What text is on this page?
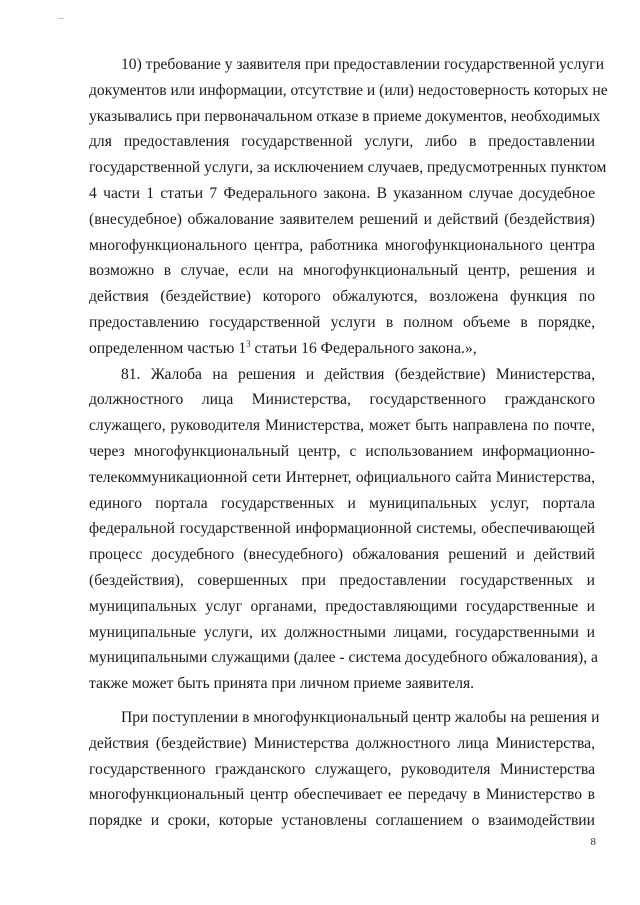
10) требование у заявителя при предоставлении государственной услуги
документов или информации, отсутствие и (или) недостоверность которых не
указывались при первоначальном отказе в приеме документов, необходимых
для предоставления государственной услуги, либо в предоставлении
государственной услуги, за исключением случаев, предусмотренных пунктом
4 части 1 статьи 7 Федерального закона. В указанном случае досудебное
(внесудебное) обжалование заявителем решений и действий (бездействия)
многофункционального центра, работника многофункционального центра
возможно в случае, если на многофункциональный центр, решения и
действия (бездействие) которого обжалуются, возложена функция по
предоставлению государственной услуги в полном объеме в порядке,
определенном частью $1^3$ статьи 16 Федерального закона.»,
81. Жалоба на решения и действия (бездействие) Министерства,
должностного лица Министерства, государственного гражданского
служащего, руководителя Министерства, может быть направлена по почте,
через многофункциональный центр, с использованием информационно-
телекоммуникационной сети Интернет, официального сайта Министерства,
единого портала государственных и муниципальных услуг, портала
федеральной государственной информационной системы, обеспечивающей
процесс досудебного (внесудебного) обжалования решений и действий
(бездействия), совершенных при предоставлении государственных и
муниципальных услуг органами, предоставляющими государственные и
муниципальные услуги, их должностными лицами, государственными и
муниципальными служащими (далее - система досудебного обжалования), а
также может быть принята при личном приеме заявителя.
При поступлении в многофункциональный центр жалобы на решения и
действия (бездействие) Министерства должностного лица Министерства,
государственного гражданского служащего, руководителя Министерства
многофункциональный центр обеспечивает ее передачу в Министерство в
порядке и сроки, которые установлены соглашением о взаимодействии
8
